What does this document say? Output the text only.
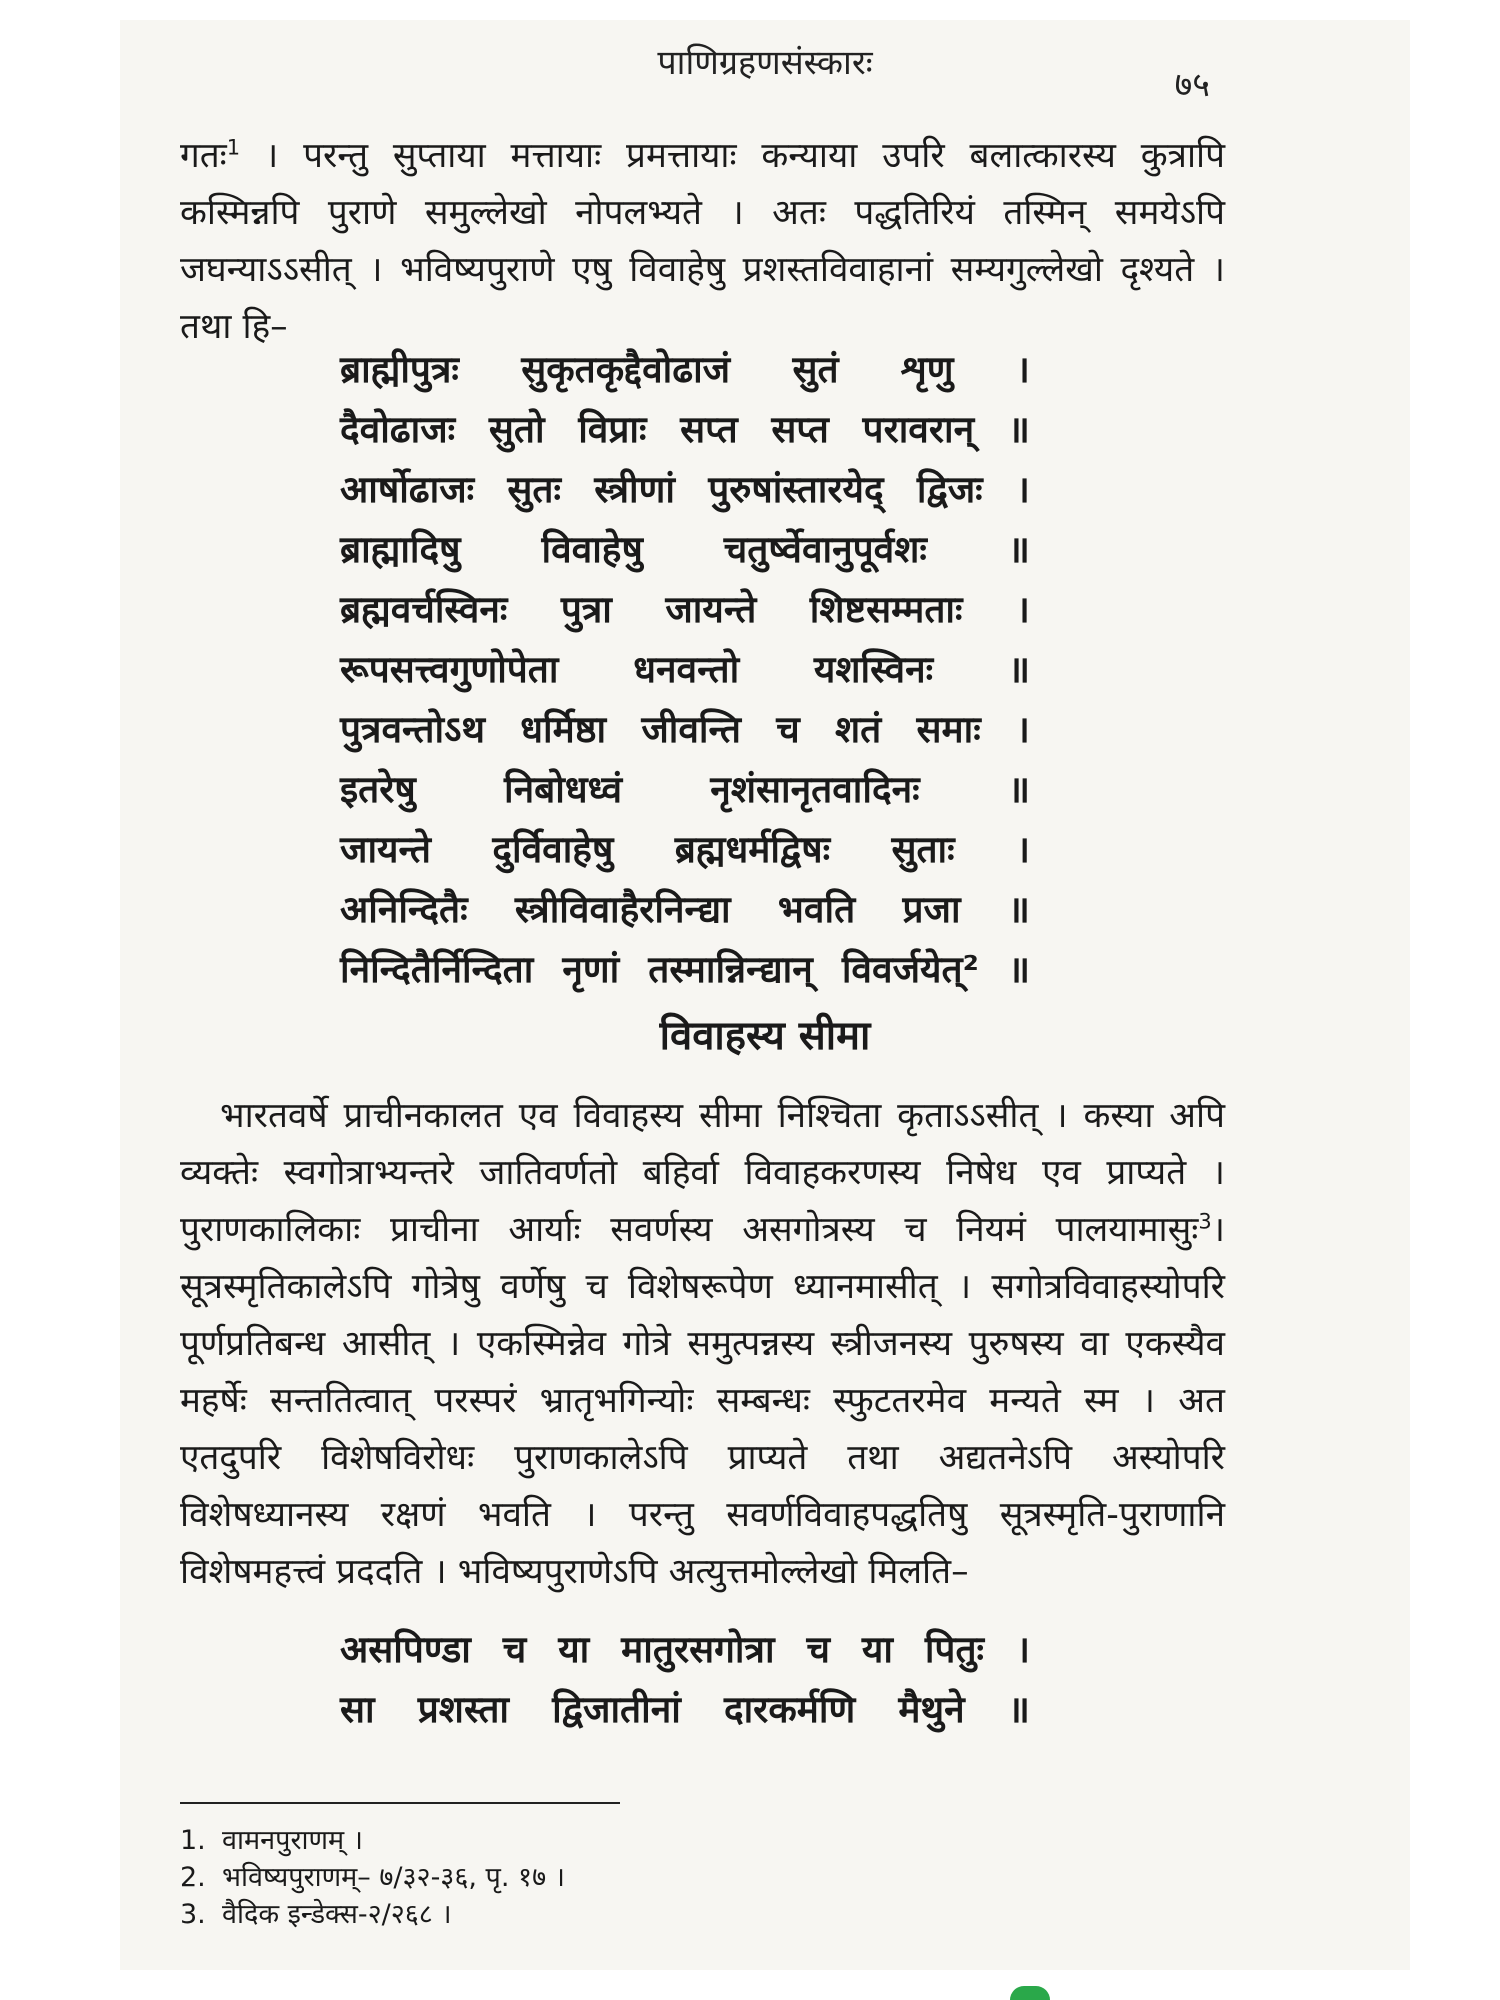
पाणिग्रहणसंस्कारः
७५

गतः$^1$ । परन्तु सुप्ताया मत्तायाः प्रमत्तायाः कन्याया उपरि बलात्कारस्य कुत्रापि कस्मिन्नपि पुराणे समुल्लेखो नोपलभ्यते । अतः पद्धतिरियं तस्मिन् समयेऽपि जघन्याऽऽसीत् । भविष्यपुराणे एषु विवाहेषु प्रशस्तविवाहानां सम्यगुल्लेखो दृश्यते । तथा हि–

ब्राह्मीपुत्रः सुकृतकृद्दैवोढाजं सुतं शृणु ।
दैवोढाजः सुतो विप्राः सप्त सप्त परावरान् ॥
आर्षोढाजः सुतः स्त्रीणां पुरुषांस्तारयेद् द्विजः ।
ब्राह्मादिषु विवाहेषु चतुर्ष्वेवानुपूर्वशः ॥
ब्रह्मवर्चस्विनः पुत्रा जायन्ते शिष्टसम्मताः ।
रूपसत्त्वगुणोपेता धनवन्तो यशस्विनः ॥
पुत्रवन्तोऽथ धर्मिष्ठा जीवन्ति च शतं समाः ।
इतरेषु निबोधध्वं नृशंसानृतवादिनः ॥
जायन्ते दुर्विवाहेषु ब्रह्मधर्मद्विषः सुताः ।
अनिन्दितैः स्त्रीविवाहैरनिन्द्या भवति प्रजा ॥
निन्दितैर्निन्दिता नृणां तस्मान्निन्द्यान् विवर्जयेत्² ॥
विवाहस्य सीमा

भारतवर्षे प्राचीनकालत एव विवाहस्य सीमा निश्चिता कृताऽऽसीत् । कस्या अपि व्यक्तेः स्वगोत्राभ्यन्तरे जातिवर्णतो बहिर्वा विवाहकरणस्य निषेध एव प्राप्यते । पुराणकालिकाः प्राचीना आर्याः सवर्णस्य असगोत्रस्य च नियमं पालयामासुः$^3$। सूत्रस्मृतिकालेऽपि गोत्रेषु वर्णेषु च विशेषरूपेण ध्यानमासीत् । सगोत्रविवाहस्योपरि पूर्णप्रतिबन्ध आसीत् । एकस्मिन्नेव गोत्रे समुत्पन्नस्य स्त्रीजनस्य पुरुषस्य वा एकस्यैव महर्षेः सन्ततित्वात् परस्परं भ्रातृभगिन्योः सम्बन्धः स्फुटतरमेव मन्यते स्म । अत एतदुपरि विशेषविरोधः पुराणकालेऽपि प्राप्यते तथा अद्यतनेऽपि अस्योपरि विशेषध्यानस्य रक्षणं भवति । परन्तु सवर्णविवाहपद्धतिषु सूत्रस्मृति-पुराणानि विशेषमहत्त्वं प्रददति । भविष्यपुराणेऽपि अत्युत्तमोल्लेखो मिलति–

असपिण्डा च या मातुरसगोत्रा च या पितुः ।
सा प्रशस्ता द्विजातीनां दारकर्मणि मैथुने ॥
1. वामनपुराणम् ।
2. भविष्यपुराणम्– ७/३२-३६, पृ. १७ ।
3. वैदिक इन्डेक्स-२/२६८ ।
